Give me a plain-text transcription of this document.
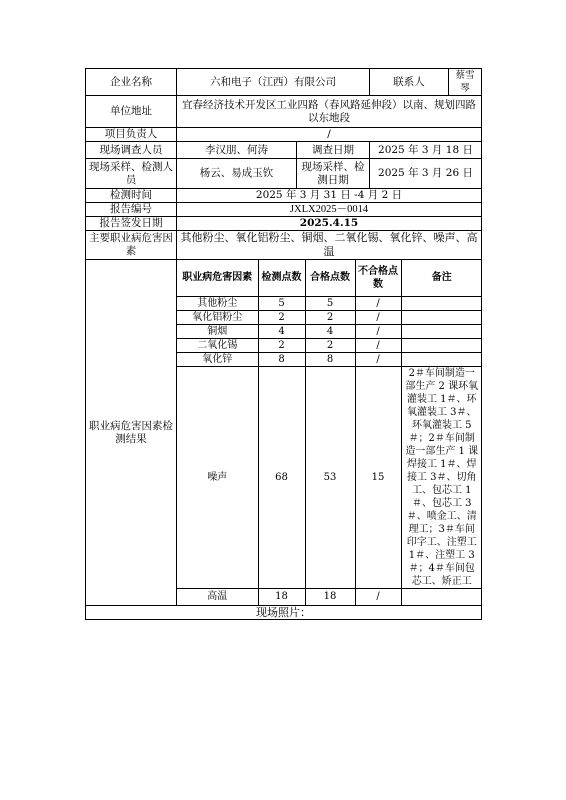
企业名称	六和电子（江西）有限公司	联系人	蔡雪琴
单位地址	宜春经济技术开发区工业四路（春风路延伸段）以南、规划四路以东地段
项目负责人	/
现场调查人员	李汉朋、何涛	调查日期	2025 年 3 月 18 日
现场采样、检测人员	杨云、易成玉钦	现场采样、检测日期	2025 年 3 月 26 日
检测时间	2025 年 3 月 31 日 -4 月 2 日
报告编号	JXLX2025－0014
报告签发日期	2025.4.15
主要职业病危害因素	其他粉尘、氧化铝粉尘、铜烟、二氧化锡、氧化锌、噪声、高温
职业病危害因素检测结果	
职业病危害因素	检测点数	合格点数	不合格点数	备注
其他粉尘	5	5	/	
氧化铝粉尘	2	2	/	
铜烟	4	4	/	
二氧化锡	2	2	/	
氧化锌	8	8	/	
噪声	68	53	15	2＃车间制造一部生产 2 课环氧灌装工 1＃、环氧灌装工 3＃、环氧灌装工 5＃；2＃车间制造一部生产 1 课焊接工 1＃、焊接工 3＃、切角工、包芯工 1＃、包芯工 3＃、喷金工、清理工；3＃车间印字工、注塑工 1＃、注塑工 3＃；4＃车间包芯工、矫正工
高温	18	18	/	

现场照片：
